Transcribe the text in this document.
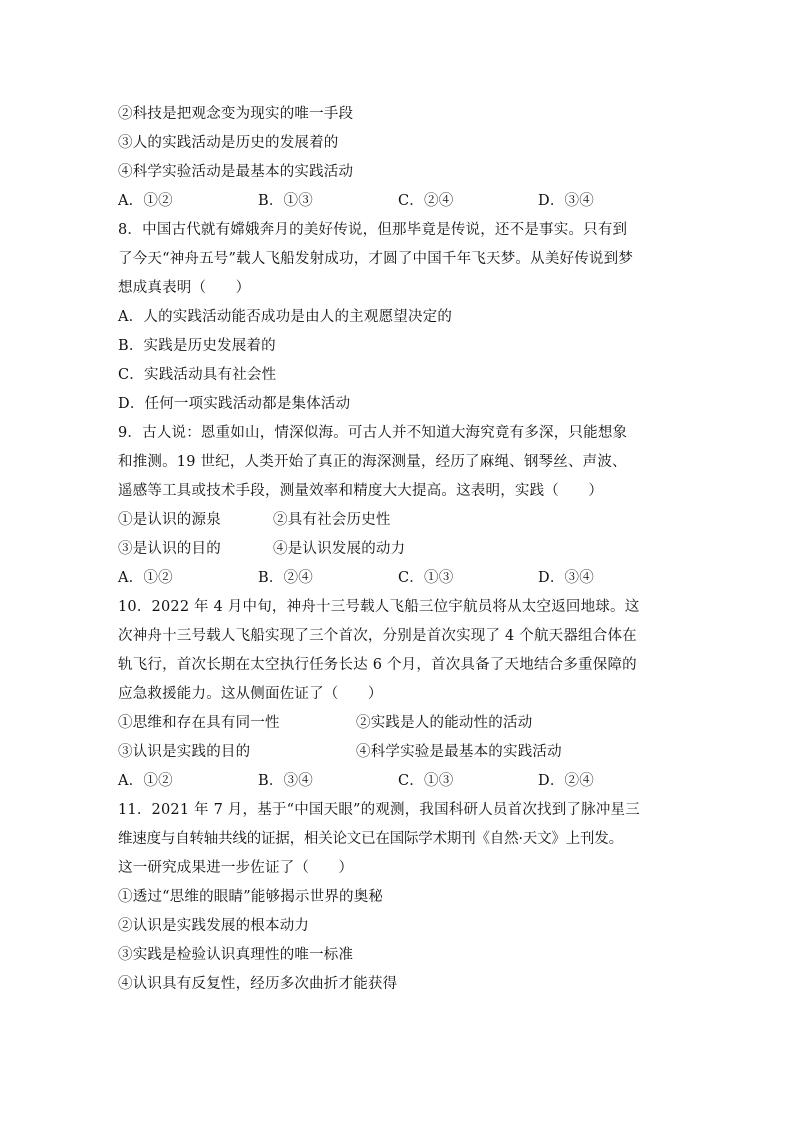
②科技是把观念变为现实的唯一手段
③人的实践活动是历史的发展着的
④科学实验活动是最基本的实践活动
A．①②	B．①③	C．②④	D．③④
8．中国古代就有嫦娥奔月的美好传说，但那毕竟是传说，还不是事实。只有到
了今天“神舟五号”载人飞船发射成功，才圆了中国千年飞天梦。从美好传说到梦
想成真表明（　　）
A．人的实践活动能否成功是由人的主观愿望决定的
B．实践是历史发展着的
C．实践活动具有社会性
D．任何一项实践活动都是集体活动
9．古人说：恩重如山，情深似海。可古人并不知道大海究竟有多深，只能想象
和推测。19 世纪，人类开始了真正的海深测量，经历了麻绳、钢琴丝、声波、
遥感等工具或技术手段，测量效率和精度大大提高。这表明，实践（　　）
①是认识的源泉	②具有社会历史性
③是认识的目的	④是认识发展的动力
A．①②	B．②④	C．①③	D．③④
10．2022 年 4 月中旬，神舟十三号载人飞船三位宇航员将从太空返回地球。这
次神舟十三号载人飞船实现了三个首次，分别是首次实现了 4 个航天器组合体在
轨飞行，首次长期在太空执行任务长达 6 个月，首次具备了天地结合多重保障的
应急救援能力。这从侧面佐证了（　　）
①思维和存在具有同一性	②实践是人的能动性的活动
③认识是实践的目的	④科学实验是最基本的实践活动
A．①②	B．③④	C．①③	D．②④
11．2021 年 7 月，基于“中国天眼”的观测，我国科研人员首次找到了脉冲星三
维速度与自转轴共线的证据，相关论文已在国际学术期刊《自然·天文》上刊发。
这一研究成果进一步佐证了（　　）
①透过“思维的眼睛”能够揭示世界的奥秘
②认识是实践发展的根本动力
③实践是检验认识真理性的唯一标准
④认识具有反复性，经历多次曲折才能获得
